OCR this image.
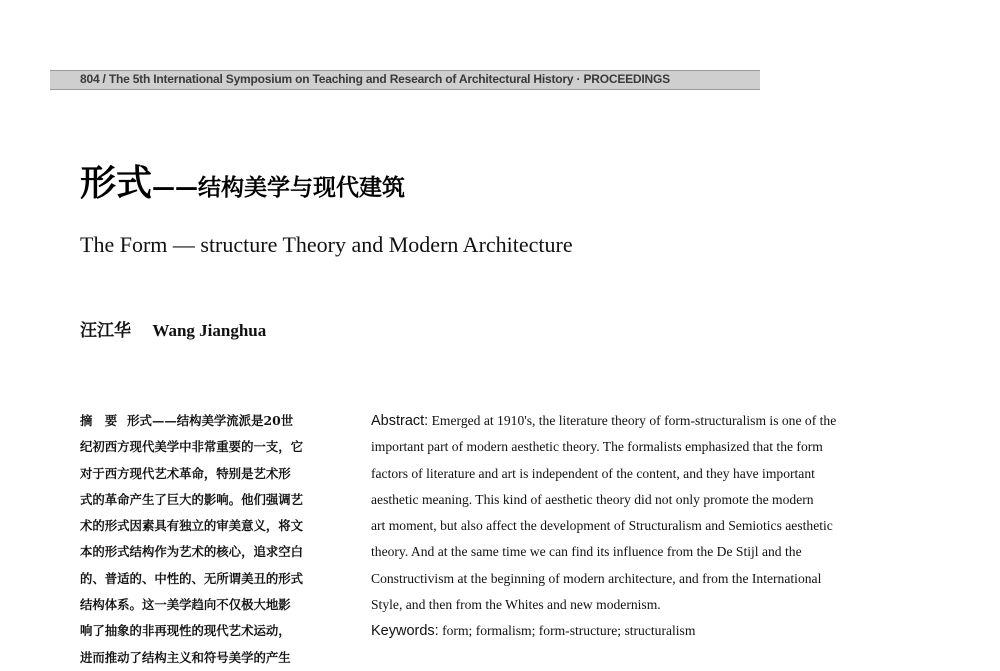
804 / The 5th International Symposium on Teaching and Research of Architectural History · PROCEEDINGS
形式——结构美学与现代建筑
The Form — structure Theory and Modern Architecture
汪江华 Wang Jianghua
摘　要 形式——结构美学流派是20世
纪初西方现代美学中非常重要的一支，它
对于西方现代艺术革命，特别是艺术形
式的革命产生了巨大的影响。他们强调艺
术的形式因素具有独立的审美意义，将文
本的形式结构作为艺术的核心，追求空白
的、普适的、中性的、无所谓美丑的形式
结构体系。这一美学趋向不仅极大地影
响了抽象的非再现性的现代艺术运动，
进而推动了结构主义和符号美学的产生
Abstract: Emerged at 1910's, the literature theory of form-structuralism is one of the
important part of modern aesthetic theory. The formalists emphasized that the form
factors of literature and art is independent of the content, and they have important
aesthetic meaning. This kind of aesthetic theory did not only promote the modern
art moment, but also affect the development of Structuralism and Semiotics aesthetic
theory. And at the same time we can find its influence from the De Stijl and the
Constructivism at the beginning of modern architecture, and from the International
Style, and then from the Whites and new modernism.
Keywords: form; formalism; form-structure; structuralism
